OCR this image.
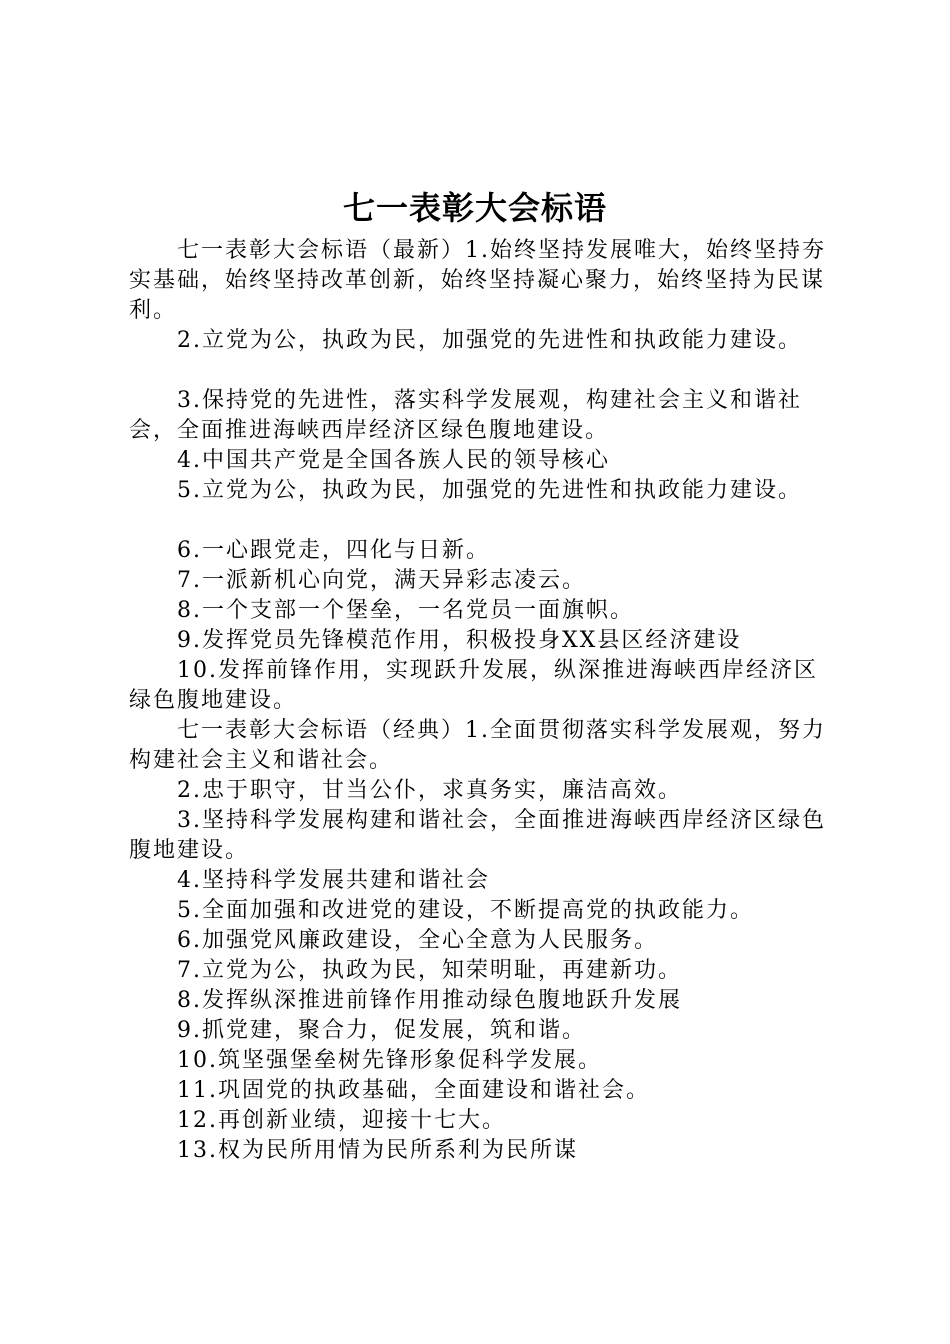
七一表彰大会标语

七一表彰大会标语（最新）1.始终坚持发展唯大，始终坚持夯实基础，始终坚持改革创新，始终坚持凝心聚力，始终坚持为民谋利。

2.立党为公，执政为民，加强党的先进性和执政能力建设。

3.保持党的先进性，落实科学发展观，构建社会主义和谐社会，全面推进海峡西岸经济区绿色腹地建设。

4.中国共产党是全国各族人民的领导核心

5.立党为公，执政为民，加强党的先进性和执政能力建设。

6.一心跟党走，四化与日新。

7.一派新机心向党，满天异彩志凌云。

8.一个支部一个堡垒，一名党员一面旗帜。

9.发挥党员先锋模范作用，积极投身XX县区经济建设

10.发挥前锋作用，实现跃升发展，纵深推进海峡西岸经济区绿色腹地建设。

七一表彰大会标语（经典）1.全面贯彻落实科学发展观，努力构建社会主义和谐社会。

2.忠于职守，甘当公仆，求真务实，廉洁高效。

3.坚持科学发展构建和谐社会，全面推进海峡西岸经济区绿色腹地建设。

4.坚持科学发展共建和谐社会

5.全面加强和改进党的建设，不断提高党的执政能力。

6.加强党风廉政建设，全心全意为人民服务。

7.立党为公，执政为民，知荣明耻，再建新功。

8.发挥纵深推进前锋作用推动绿色腹地跃升发展

9.抓党建，聚合力，促发展，筑和谐。

10.筑坚强堡垒树先锋形象促科学发展。

11.巩固党的执政基础，全面建设和谐社会。

12.再创新业绩，迎接十七大。

13.权为民所用情为民所系利为民所谋
